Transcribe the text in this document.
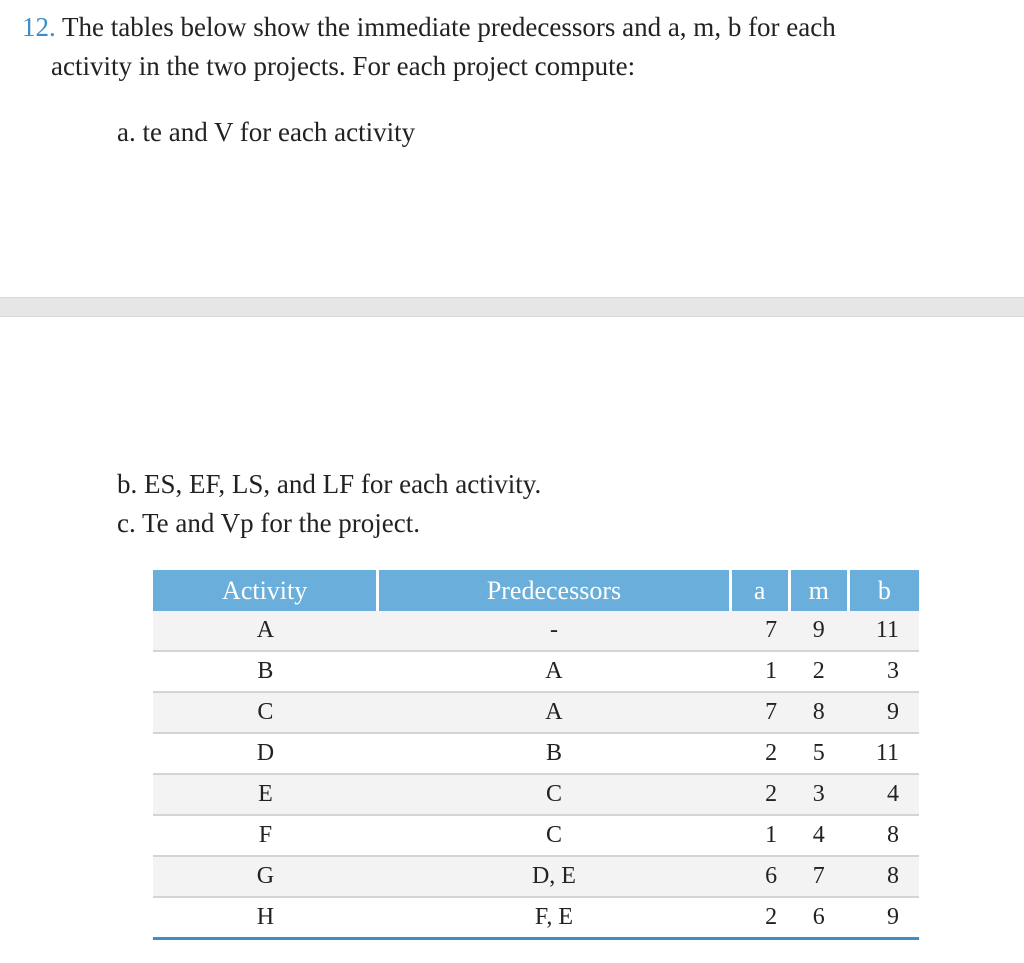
12. The tables below show the immediate predecessors and a, m, b for each
activity in the two projects. For each project compute:
a. te and V for each activity
b. ES, EF, LS, and LF for each activity.
c. Te and Vp for the project.
Activity	Predecessors	a	m	b
A	-	7	9	11
B	A	1	2	3
C	A	7	8	9
D	B	2	5	11
E	C	2	3	4
F	C	1	4	8
G	D, E	6	7	8
H	F, E	2	6	9
